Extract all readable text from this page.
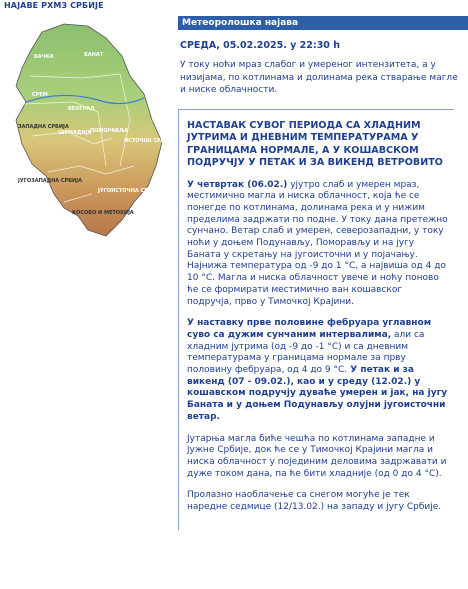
НАЈАВЕ РХМЗ СРБИЈЕ
БАЧКА	БАНАТ
СРЕМ
БЕОГРАД
ЗАПАДНА СРБИЈА
ШУМАДИЈА
ПОМОРАВЉЕ
ИСТОЧНА СРБИЈА
ЈУГОЗАПАДНА СРБИЈА
ЈУГОИСТОЧНА СРБИЈА
КОСОВО И МЕТОХИЈА
Метеоролошка најава
СРЕДА, 05.02.2025. у 22:30 h
У току ноћи мраз слабог и умереног интензитета, а у низијама, по котлинама и долинама река стварање магле и ниске облачности.
НАСТАВАК СУВОГ ПЕРИОДА СА ХЛАДНИМ ЈУТРИМА И ДНЕВНИМ ТЕМПЕРАТУРАМА У ГРАНИЦАМА НОРМАЛЕ, А У КОШАВСКОМ ПОДРУЧЈУ У ПЕТАК И ЗА ВИКЕНД ВЕТРОВИТО

У четвртак (06.02.) ујутро слаб и умерен мраз, местимично магла и ниска облачност, која ће се понегде по котлинама, долинама река и у нижим пределима задржати по подне. У току дана претежно сунчано. Ветар слаб и умерен, северозападни, у току ноћи у доњем Подунављу, Поморављу и на југу Баната у скретању на југоисточни и у појачању. Најнижа температура од -9 до 1 °C, а највиша од 4 до 10 °C. Магла и ниска облачност увече и ноћу поново ће се формирати местимично ван кошавског подручја, прво у Тимочкој Крајини.

У наставку прве половине фебруара углавном суво са дужим сунчаним интервалима, али са хладним јутрима (од -9 до -1 °C) и са дневним температурама у границама нормале за прву половину фебруара, од 4 до 9 °C. У петак и за викенд (07 - 09.02.), као и у среду (12.02.) у кошавском подручју дуваће умерен и јак, на југу Баната и у доњем Подунављу олујни југоисточни ветар.

Јутарња магла биће чешћа по котлинама западне и јужне Србије, док ће се у Тимочкој Крајини магла и ниска облачност у појединим деловима задржавати и дуже током дана, па ће бити хладније (од 0 до 4 °C).

Пролазно наоблачење са снегом могуће је тек наредне седмице (12/13.02.) на западу и југу Србије.
